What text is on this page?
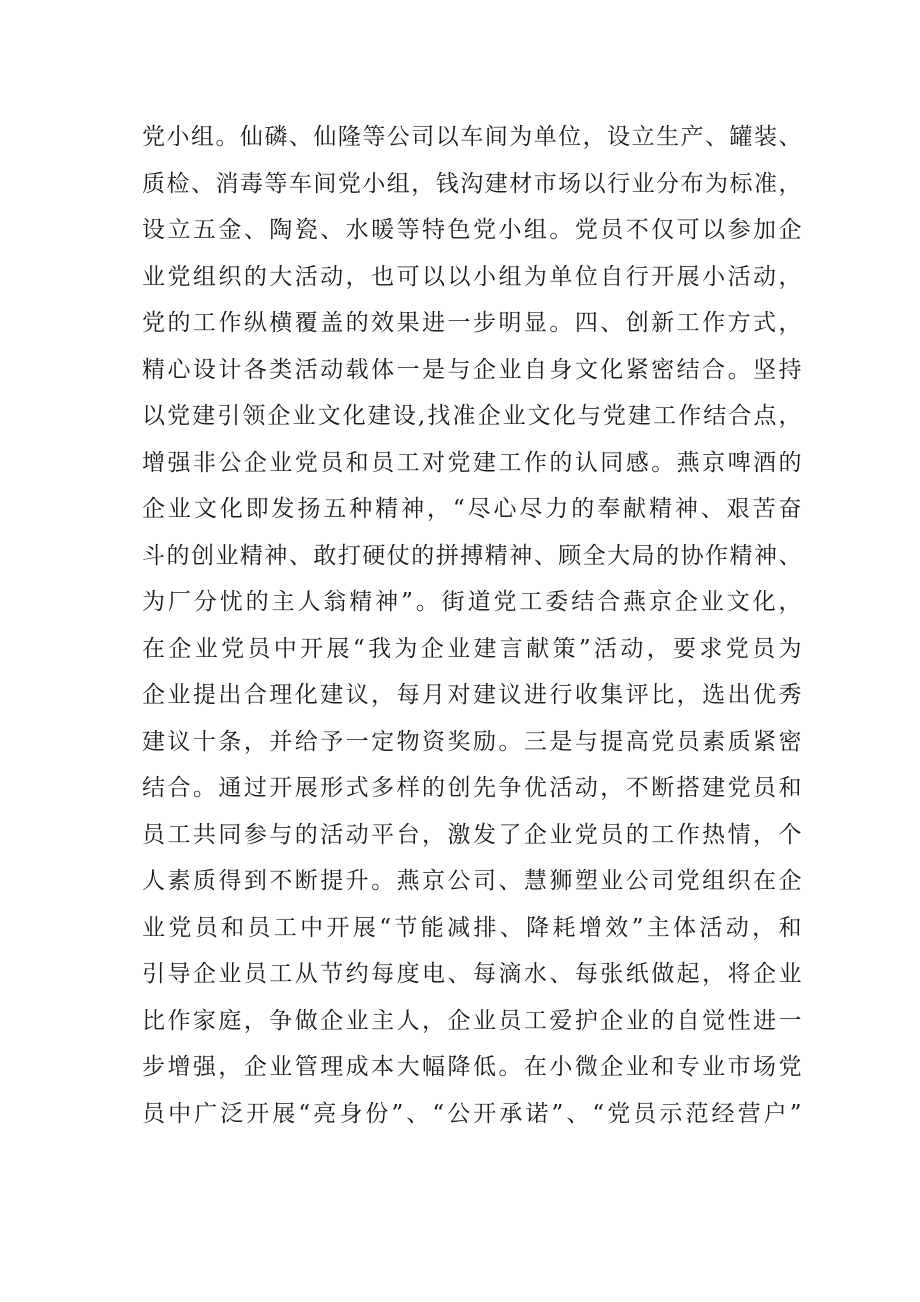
党小组。仙磷、仙隆等公司以车间为单位，设立生产、罐装、
质检、消毒等车间党小组，钱沟建材市场以行业分布为标准，
设立五金、陶瓷、水暖等特色党小组。党员不仅可以参加企
业党组织的大活动，也可以以小组为单位自行开展小活动，
党的工作纵横覆盖的效果进一步明显。四、创新工作方式，
精心设计各类活动载体一是与企业自身文化紧密结合。坚持
以党建引领企业文化建设,找准企业文化与党建工作结合点，
增强非公企业党员和员工对党建工作的认同感。燕京啤酒的
企业文化即发扬五种精神，“尽心尽力的奉献精神、艰苦奋
斗的创业精神、敢打硬仗的拼搏精神、顾全大局的协作精神、
为厂分忧的主人翁精神”。街道党工委结合燕京企业文化，
在企业党员中开展“我为企业建言献策”活动，要求党员为
企业提出合理化建议，每月对建议进行收集评比，选出优秀
建议十条，并给予一定物资奖励。三是与提高党员素质紧密
结合。通过开展形式多样的创先争优活动，不断搭建党员和
员工共同参与的活动平台，激发了企业党员的工作热情，个
人素质得到不断提升。燕京公司、慧狮塑业公司党组织在企
业党员和员工中开展“节能减排、降耗增效”主体活动，和
引导企业员工从节约每度电、每滴水、每张纸做起，将企业
比作家庭，争做企业主人，企业员工爱护企业的自觉性进一
步增强，企业管理成本大幅降低。在小微企业和专业市场党
员中广泛开展“亮身份”、“公开承诺”、“党员示范经营户”
